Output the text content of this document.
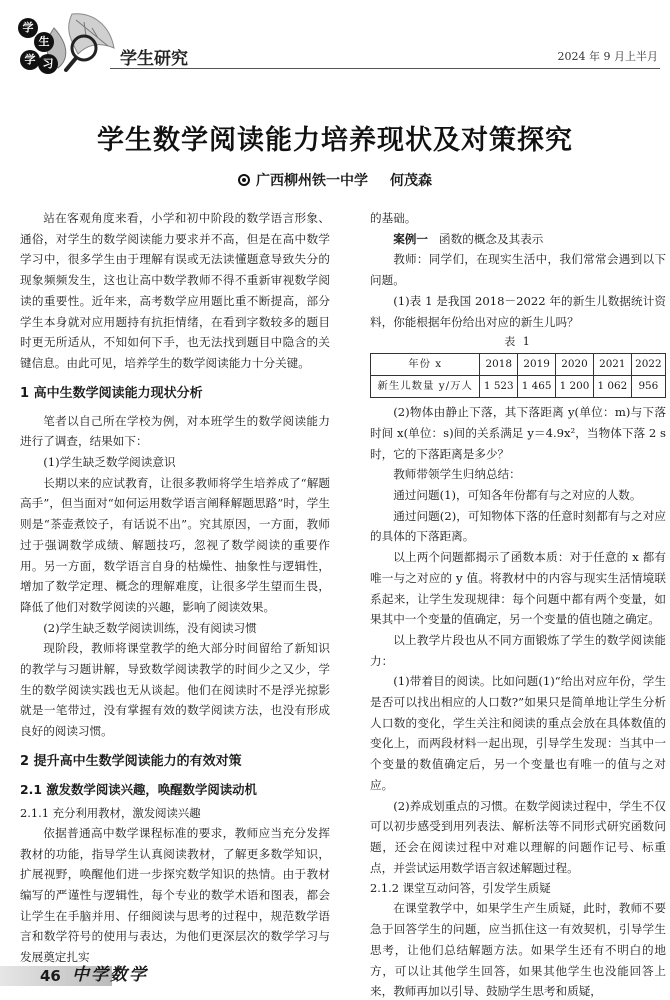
学
生
学 习	学生研究	2024 年 9 月上半月
学生数学阅读能力培养现状及对策探究
广西柳州铁一中学 何茂森

站在客观角度来看，小学和初中阶段的数学语言形象、通俗，对学生的数学阅读能力要求并不高，但是在高中数学学习中，很多学生由于理解有误或无法读懂题意导致失分的现象频频发生，这也让高中数学教师不得不重新审视数学阅读的重要性。近年来，高考数学应用题比重不断提高，部分学生本身就对应用题持有抗拒情绪，在看到字数较多的题目时更无所适从，不知如何下手，也无法找到题目中隐含的关键信息。由此可见，培养学生的数学阅读能力十分关键。

1 高中生数学阅读能力现状分析

笔者以自己所在学校为例，对本班学生的数学阅读能力进行了调查，结果如下：

(1)学生缺乏数学阅读意识

长期以来的应试教育，让很多教师将学生培养成了“解题高手”，但当面对“如何运用数学语言阐释解题思路”时，学生则是“茶壶煮饺子，有话说不出”。究其原因，一方面，教师过于强调数学成绩、解题技巧，忽视了数学阅读的重要作用。另一方面，数学语言自身的枯燥性、抽象性与逻辑性，增加了数学定理、概念的理解难度，让很多学生望而生畏，降低了他们对数学阅读的兴趣，影响了阅读效果。

(2)学生缺乏数学阅读训练，没有阅读习惯

现阶段，教师将课堂教学的绝大部分时间留给了新知识的教学与习题讲解，导致数学阅读教学的时间少之又少，学生的数学阅读实践也无从谈起。他们在阅读时不是浮光掠影就是一笔带过，没有掌握有效的数学阅读方法，也没有形成良好的阅读习惯。

2 提升高中生数学阅读能力的有效对策
2.1 激发数学阅读兴趣，唤醒数学阅读动机
2.1.1 充分利用教材，激发阅读兴趣

依据普通高中数学课程标准的要求，教师应当充分发挥教材的功能，指导学生认真阅读教材，了解更多数学知识，扩展视野，唤醒他们进一步探究数学知识的热情。由于教材编写的严谨性与逻辑性，每个专业的数学术语和图表，都会让学生在手脑并用、仔细阅读与思考的过程中，规范数学语言和数学符号的使用与表达，为他们更深层次的数学学习与发展奠定扎实

的基础。

案例一 函数的概念及其表示

教师：同学们，在现实生活中，我们常常会遇到以下问题。

(1)表 1 是我国 2018－2022 年的新生儿数据统计资料，你能根据年份给出对应的新生儿吗？

表 1
年份 x	2018	2019	2020	2021	2022
新生儿数量 y/万人	1 523	1 465	1 200	1 062	956

(2)物体由静止下落，其下落距离 y(单位：m)与下落时间 x(单位：s)间的关系满足 y＝4.9x²，当物体下落 2 s 时，它的下落距离是多少？

教师带领学生归纳总结：

通过问题(1)，可知各年份都有与之对应的人数。

通过问题(2)，可知物体下落的任意时刻都有与之对应的具体的下落距离。

以上两个问题都揭示了函数本质：对于任意的 x 都有唯一与之对应的 y 值。将教材中的内容与现实生活情境联系起来，让学生发现规律：每个问题中都有两个变量，如果其中一个变量的值确定，另一个变量的值也随之确定。

以上教学片段也从不同方面锻炼了学生的数学阅读能力：

(1)带着目的阅读。比如问题(1)“给出对应年份，学生是否可以找出相应的人口数?”如果只是简单地让学生分析人口数的变化，学生关注和阅读的重点会放在具体数值的变化上，而两段材料一起出现，引导学生发现：当其中一个变量的数值确定后，另一个变量也有唯一的值与之对应。

(2)养成划重点的习惯。在数学阅读过程中，学生不仅可以初步感受到用列表法、解析法等不同形式研究函数问题，还会在阅读过程中对难以理解的问题作记号、标重点，并尝试运用数学语言叙述解题过程。

2.1.2 课堂互动问答，引发学生质疑

在课堂教学中，如果学生产生质疑，此时，教师不要急于回答学生的问题，应当抓住这一有效契机，引导学生思考，让他们总结解题方法。如果学生还有不明白的地方，可以让其他学生回答，如果其他学生也没能回答上来，教师再加以引导、鼓励学生思考和质疑，

46 中学数学
